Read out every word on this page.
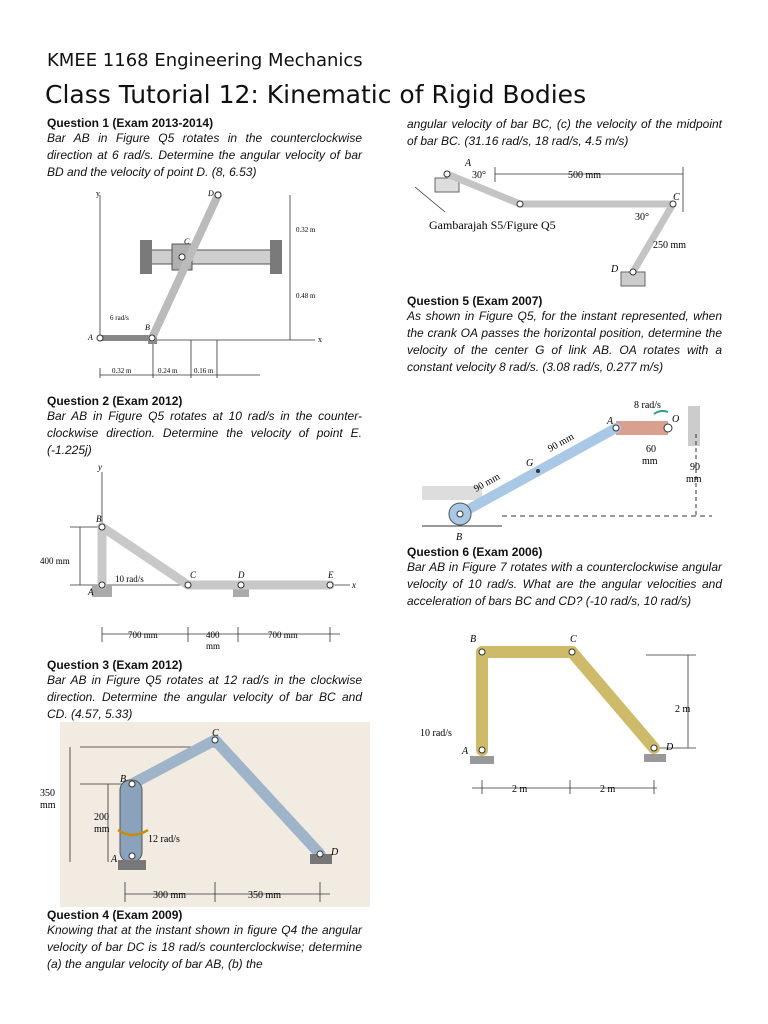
KMEE 1168 Engineering Mechanics
Class Tutorial 12: Kinematic of Rigid Bodies
Question 1 (Exam 2013-2014)
Bar AB in Figure Q5 rotates in the counterclockwise direction at 6 rad/s. Determine the angular velocity of bar BD and the velocity of point D. (8, 6.53)
y
x
A
B
C
D
6 rad/s
0.32 m
0.48 m
0.32 m	0.24 m 0.16 m
Question 2 (Exam 2012)
Bar AB in Figure Q5 rotates at 10 rad/s in the counter-clockwise direction. Determine the velocity of point E. (-1.225j)
y
x
B
A
C	D	E
10 rad/s
400 mm
700 mm	400
mm
700 mm
Question 3 (Exam 2012)
Bar AB in Figure Q5 rotates at 12 rad/s in the clockwise direction. Determine the angular velocity of bar BC and CD. (4.57, 5.33)
B
C
A
D
350
mm
200
mm
12 rad/s
300 mm	350 mm
Question 4 (Exam 2009)
Knowing that at the instant shown in figure Q4 the angular velocity of bar DC is 18 rad/s counterclockwise; determine (a) the angular velocity of bar AB, (b) the
angular velocity of bar BC, (c) the velocity of the midpoint of bar BC. (31.16 rad/s, 18 rad/s, 4.5 m/s)
A
C
D
30°
30°
500 mm
250 mm
Gambarajah S5/Figure Q5
Question 5 (Exam 2007)
As shown in Figure Q5, for the instant represented, when the crank OA passes the horizontal position, determine the velocity of the center G of link AB. OA rotates with a constant velocity 8 rad/s. (3.08 rad/s, 0.277 m/s)
A	O
G
B
8 rad/s
90 mm
90 mm	60
mm
90
mm
Question 6 (Exam 2006)
Bar AB in Figure 7 rotates with a counterclockwise angular velocity of 10 rad/s. What are the angular velocities and acceleration of bars BC and CD? (-10 rad/s, 10 rad/s)
B	C
A	D
10 rad/s
2 m
2 m	2 m
